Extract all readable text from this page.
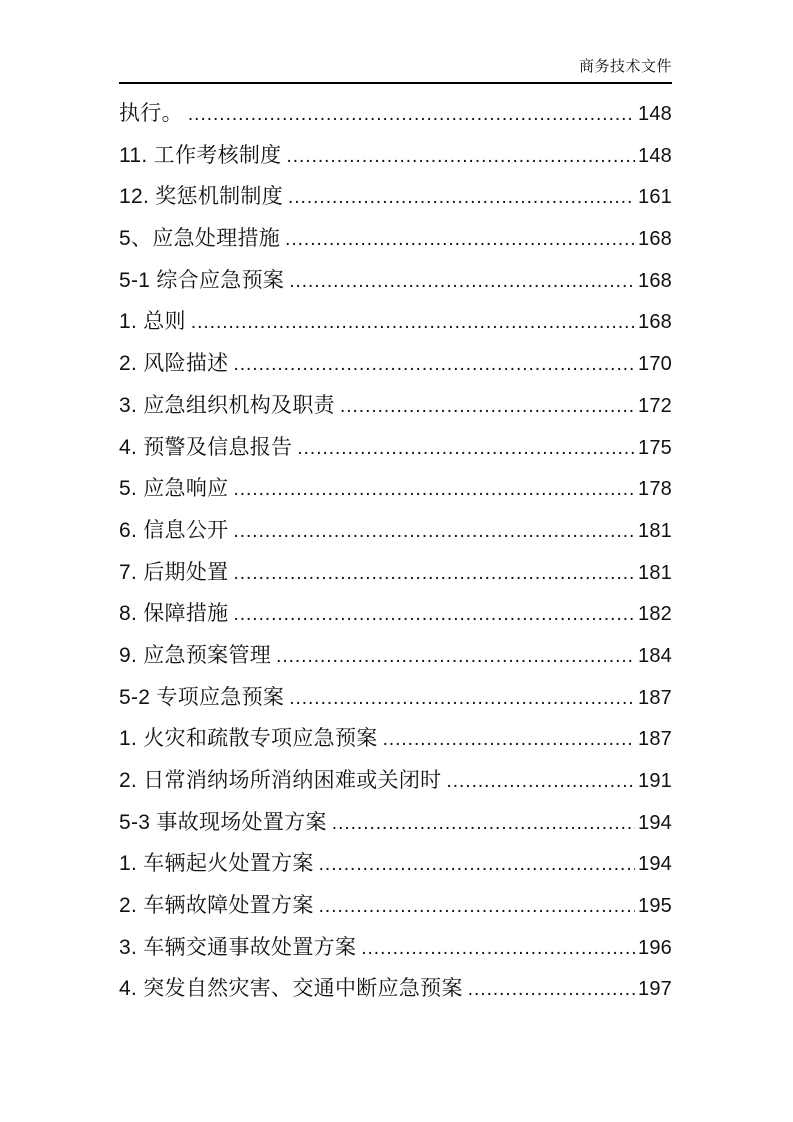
商务技术文件
执行。 .....	148
11. 工作考核制度 .....	148
12. 奖惩机制制度 .....	161
5、应急处理措施 .....	168
5-1 综合应急预案 .....	168
1. 总则 .....	168
2. 风险描述 .....	170
3. 应急组织机构及职责 .....	172
4. 预警及信息报告 .....	175
5. 应急响应 .....	178
6. 信息公开 .....	181
7. 后期处置 .....	181
8. 保障措施 .....	182
9. 应急预案管理 .....	184
5-2 专项应急预案 .....	187
1. 火灾和疏散专项应急预案 .....	187
2. 日常消纳场所消纳困难或关闭时 .....	191
5-3 事故现场处置方案 .....	194
1. 车辆起火处置方案 .....	194
2. 车辆故障处置方案 .....	195
3. 车辆交通事故处置方案 .....	196
4. 突发自然灾害、交通中断应急预案 .....	197
